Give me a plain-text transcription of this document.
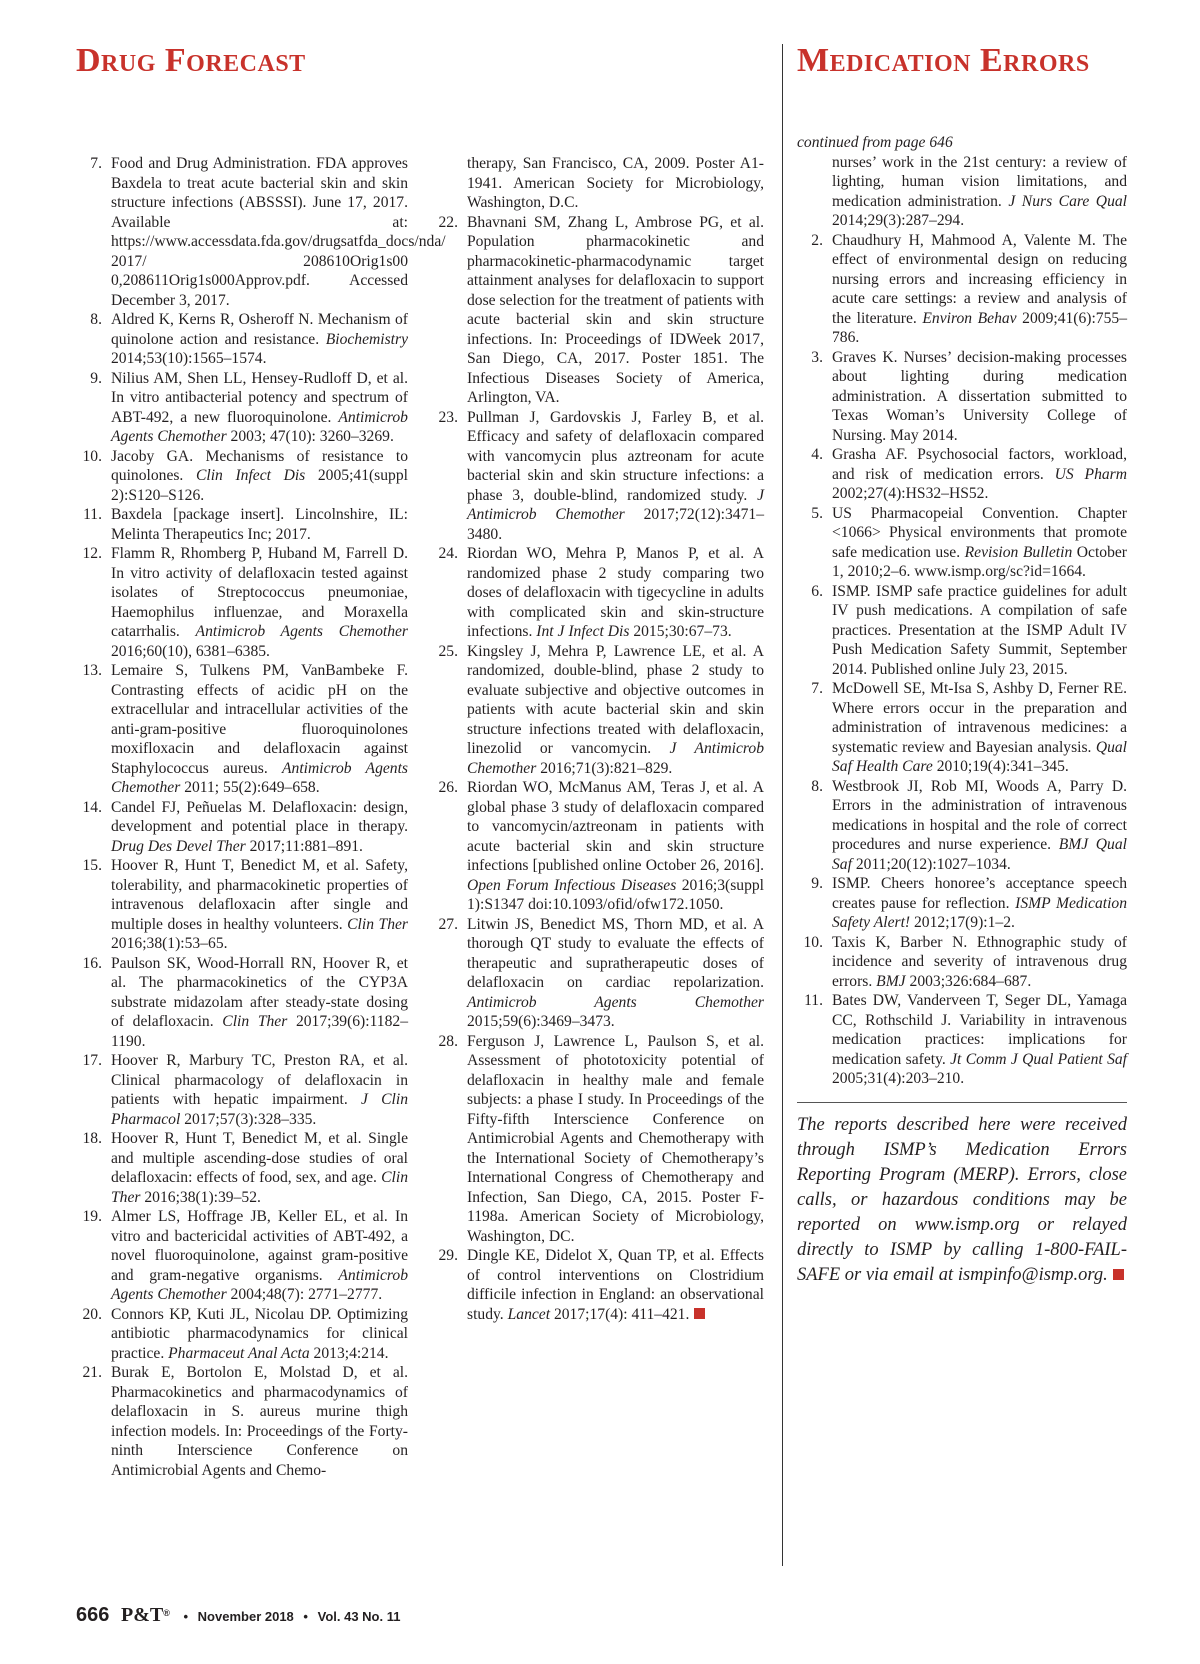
Drug Forecast	Medication Errors

7. Food and Drug Administration. FDA approves Baxdela to treat acute bacterial skin and skin structure infections (ABSSSI). June 17, 2017. Available at: https://www.accessdata.fda.gov/drugsatfda_docs/nda/ 2017/ 208610Orig1s00 0,208611Orig1s000Approv.pdf. Accessed December 3, 2017.

8. Aldred K, Kerns R, Osheroff N. Mechanism of quinolone action and resistance. Biochemistry 2014;53(10):1565–1574.

9. Nilius AM, Shen LL, Hensey-Rudloff D, et al. In vitro antibacterial potency and spectrum of ABT-492, a new fluoroquinolone. Antimicrob Agents Chemother 2003; 47(10): 3260–3269.

10. Jacoby GA. Mechanisms of resistance to quinolones. Clin Infect Dis 2005;41(suppl 2):S120–S126.

11. Baxdela [package insert]. Lincolnshire, IL: Melinta Therapeutics Inc; 2017.

12. Flamm R, Rhomberg P, Huband M, Farrell D. In vitro activity of delafloxacin tested against isolates of Streptococcus pneumoniae, Haemophilus influenzae, and Moraxella catarrhalis. Antimicrob Agents Chemother 2016;60(10), 6381–6385.

13. Lemaire S, Tulkens PM, VanBambeke F. Contrasting effects of acidic pH on the extracellular and intracellular activities of the anti-gram-positive fluoroquinolones moxifloxacin and delafloxacin against Staphylococcus aureus. Antimicrob Agents Chemother 2011; 55(2):649–658.

14. Candel FJ, Peñuelas M. Delafloxacin: design, development and potential place in therapy. Drug Des Devel Ther 2017;11:881–891.

15. Hoover R, Hunt T, Benedict M, et al. Safety, tolerability, and pharmacokinetic properties of intravenous delafloxacin after single and multiple doses in healthy volunteers. Clin Ther 2016;38(1):53–65.

16. Paulson SK, Wood-Horrall RN, Hoover R, et al. The pharmacokinetics of the CYP3A substrate midazolam after steady-state dosing of delafloxacin. Clin Ther 2017;39(6):1182–1190.

17. Hoover R, Marbury TC, Preston RA, et al. Clinical pharmacology of delafloxacin in patients with hepatic impairment. J Clin Pharmacol 2017;57(3):328–335.

18. Hoover R, Hunt T, Benedict M, et al. Single and multiple ascending-dose studies of oral delafloxacin: effects of food, sex, and age. Clin Ther 2016;38(1):39–52.

19. Almer LS, Hoffrage JB, Keller EL, et al. In vitro and bactericidal activities of ABT-492, a novel fluoroquinolone, against gram-positive and gram-negative organisms. Antimicrob Agents Chemother 2004;48(7): 2771–2777.

20. Connors KP, Kuti JL, Nicolau DP. Optimizing antibiotic pharmacodynamics for clinical practice. Pharmaceut Anal Acta 2013;4:214.

21. Burak E, Bortolon E, Molstad D, et al. Pharmacokinetics and pharmacodynamics of delafloxacin in S. aureus murine thigh infection models. In: Proceedings of the Forty-ninth Interscience Conference on Antimicrobial Agents and Chemo-

therapy, San Francisco, CA, 2009. Poster A1-1941. American Society for Microbiology, Washington, D.C.

22. Bhavnani SM, Zhang L, Ambrose PG, et al. Population pharmacokinetic and pharmacokinetic-pharmacodynamic target attainment analyses for delafloxacin to support dose selection for the treatment of patients with acute bacterial skin and skin structure infections. In: Proceedings of IDWeek 2017, San Diego, CA, 2017. Poster 1851. The Infectious Diseases Society of America, Arlington, VA.

23. Pullman J, Gardovskis J, Farley B, et al. Efficacy and safety of delafloxacin compared with vancomycin plus aztreonam for acute bacterial skin and skin structure infections: a phase 3, double-blind, randomized study. J Antimicrob Chemother 2017;72(12):3471–3480.

24. Riordan WO, Mehra P, Manos P, et al. A randomized phase 2 study comparing two doses of delafloxacin with tigecycline in adults with complicated skin and skin-structure infections. Int J Infect Dis 2015;30:67–73.

25. Kingsley J, Mehra P, Lawrence LE, et al. A randomized, double-blind, phase 2 study to evaluate subjective and objective outcomes in patients with acute bacterial skin and skin structure infections treated with delafloxacin, linezolid or vancomycin. J Antimicrob Chemother 2016;71(3):821–829.

26. Riordan WO, McManus AM, Teras J, et al. A global phase 3 study of delafloxacin compared to vancomycin/aztreonam in patients with acute bacterial skin and skin structure infections [published online October 26, 2016]. Open Forum Infectious Diseases 2016;3(suppl 1):S1347 doi:10.1093/ofid/ofw172.1050.

27. Litwin JS, Benedict MS, Thorn MD, et al. A thorough QT study to evaluate the effects of therapeutic and supratherapeutic doses of delafloxacin on cardiac repolarization. Antimicrob Agents Chemother 2015;59(6):3469–3473.

28. Ferguson J, Lawrence L, Paulson S, et al. Assessment of phototoxicity potential of delafloxacin in healthy male and female subjects: a phase I study. In Proceedings of the Fifty-fifth Interscience Conference on Antimicrobial Agents and Chemotherapy with the International Society of Chemotherapy’s International Congress of Chemotherapy and Infection, San Diego, CA, 2015. Poster F-1198a. American Society of Microbiology, Washington, DC.

29. Dingle KE, Didelot X, Quan TP, et al. Effects of control interventions on Clostridium difficile infection in England: an observational study. Lancet 2017;17(4): 411–421.

continued from page 646

nurses’ work in the 21st century: a review of lighting, human vision limitations, and medication administration. J Nurs Care Qual 2014;29(3):287–294.

2. Chaudhury H, Mahmood A, Valente M. The effect of environmental design on reducing nursing errors and increasing efficiency in acute care settings: a review and analysis of the literature. Environ Behav 2009;41(6):755–786.

3. Graves K. Nurses’ decision-making processes about lighting during medication administration. A dissertation submitted to Texas Woman’s University College of Nursing. May 2014.

4. Grasha AF. Psychosocial factors, workload, and risk of medication errors. US Pharm 2002;27(4):HS32–HS52.

5. US Pharmacopeial Convention. Chapter <1066> Physical environments that promote safe medication use. Revision Bulletin October 1, 2010;2–6. www.ismp.org/sc?id=1664.

6. ISMP. ISMP safe practice guidelines for adult IV push medications. A compilation of safe practices. Presentation at the ISMP Adult IV Push Medication Safety Summit, September 2014. Published online July 23, 2015.

7. McDowell SE, Mt-Isa S, Ashby D, Ferner RE. Where errors occur in the preparation and administration of intravenous medicines: a systematic review and Bayesian analysis. Qual Saf Health Care 2010;19(4):341–345.

8. Westbrook JI, Rob MI, Woods A, Parry D. Errors in the administration of intravenous medications in hospital and the role of correct procedures and nurse experience. BMJ Qual Saf 2011;20(12):1027–1034.

9. ISMP. Cheers honoree’s acceptance speech creates pause for reflection. ISMP Medication Safety Alert! 2012;17(9):1–2.

10. Taxis K, Barber N. Ethnographic study of incidence and severity of intravenous drug errors. BMJ 2003;326:684–687.

11. Bates DW, Vanderveen T, Seger DL, Yamaga CC, Rothschild J. Variability in intravenous medication practices: implications for medication safety. Jt Comm J Qual Patient Saf 2005;31(4):203–210.

The reports described here were received through ISMP’s Medication Errors Reporting Program (MERP). Errors, close calls, or hazardous conditions may be reported on www.ismp.org or relayed directly to ISMP by calling 1-800-FAIL-SAFE or via email at ismpinfo@ismp.org.

666 P&T® • November 2018 • Vol. 43 No. 11
